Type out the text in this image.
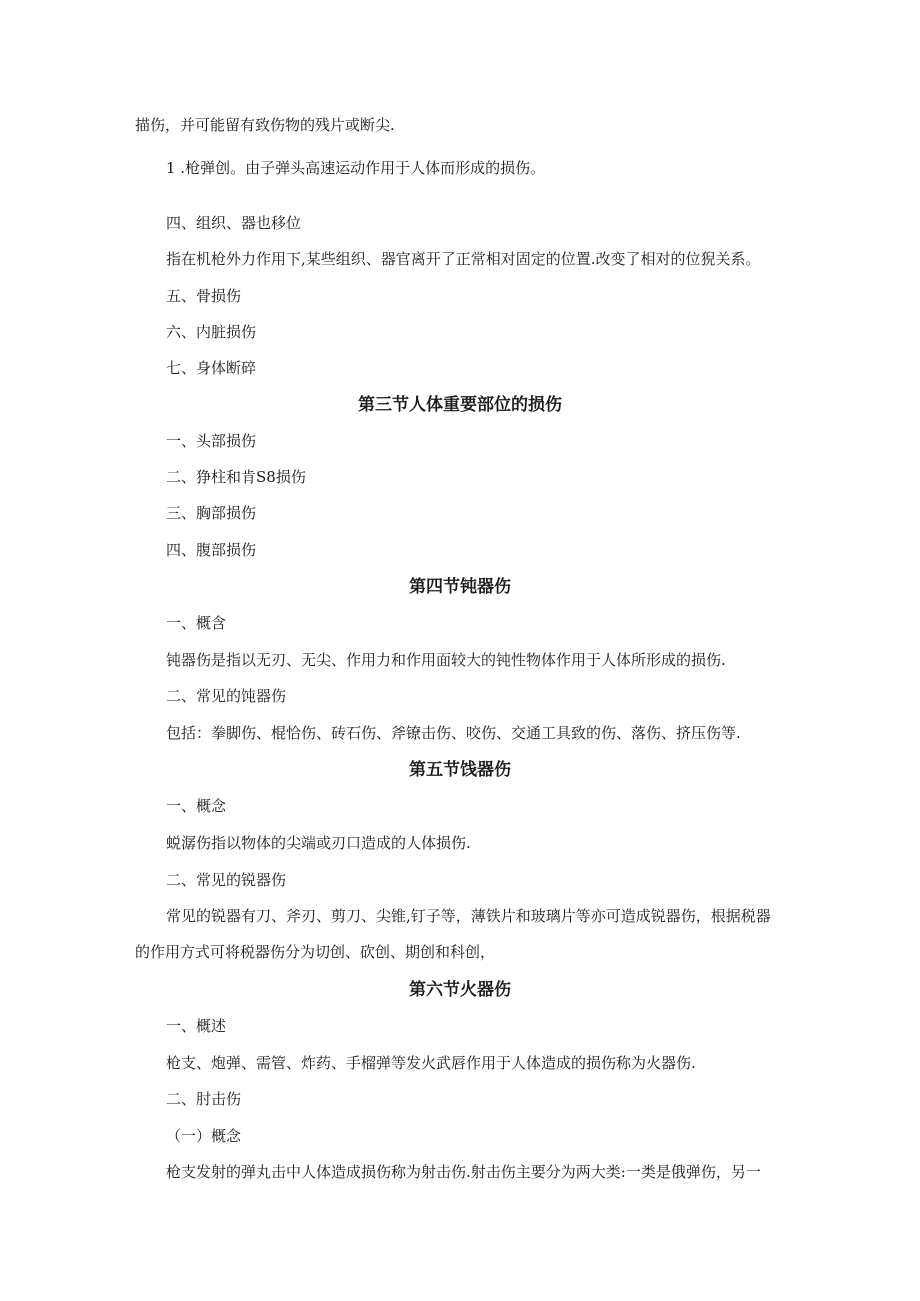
描伤，并可能留有致伤物的残片或断尖.
1 .枪弹创。由子弹头高速运动作用于人体而形成的损伤。
四、组织、器也移位
指在机枪外力作用下,某些组织、器官离开了正常相对固定的位置.改变了相对的位猊关系。
五、骨损伤
六、内脏损伤
七、身体断碎
第三节人体重要部位的损伤
一、头部损伤
二、狰柱和肯S8损伤
三、胸部损伤
四、腹部损伤
第四节钝器伤
一、概含
钝器伤是指以无刃、无尖、作用力和作用面较大的钝性物体作用于人体所形成的损伤.
二、常见的饨器伤
包括：拳脚伤、棍恰伤、砖石伤、斧镣击伤、咬伤、交通工具致的伤、落伤、挤压伤等.
第五节饯器伤
一、概念
蜕潺伤指以物体的尖端或刃口造成的人体损伤.
二、常见的锐器伤
常见的锐器有刀、斧刃、剪刀、尖锥,钉子等，薄铁片和玻璃片等亦可造成锐器伤，根据税器
的作用方式可将税器伤分为切创、砍创、期创和科创，
第六节火器伤
一、概述
枪支、炮弹、需管、炸药、手榴弹等发火武唇作用于人体造成的损伤称为火器伤.
二、肘击伤
（一）概念
枪支发射的弹丸击中人体造成损伤称为射击伤.射击伤主要分为两大类:一类是俄弹伤，另一
